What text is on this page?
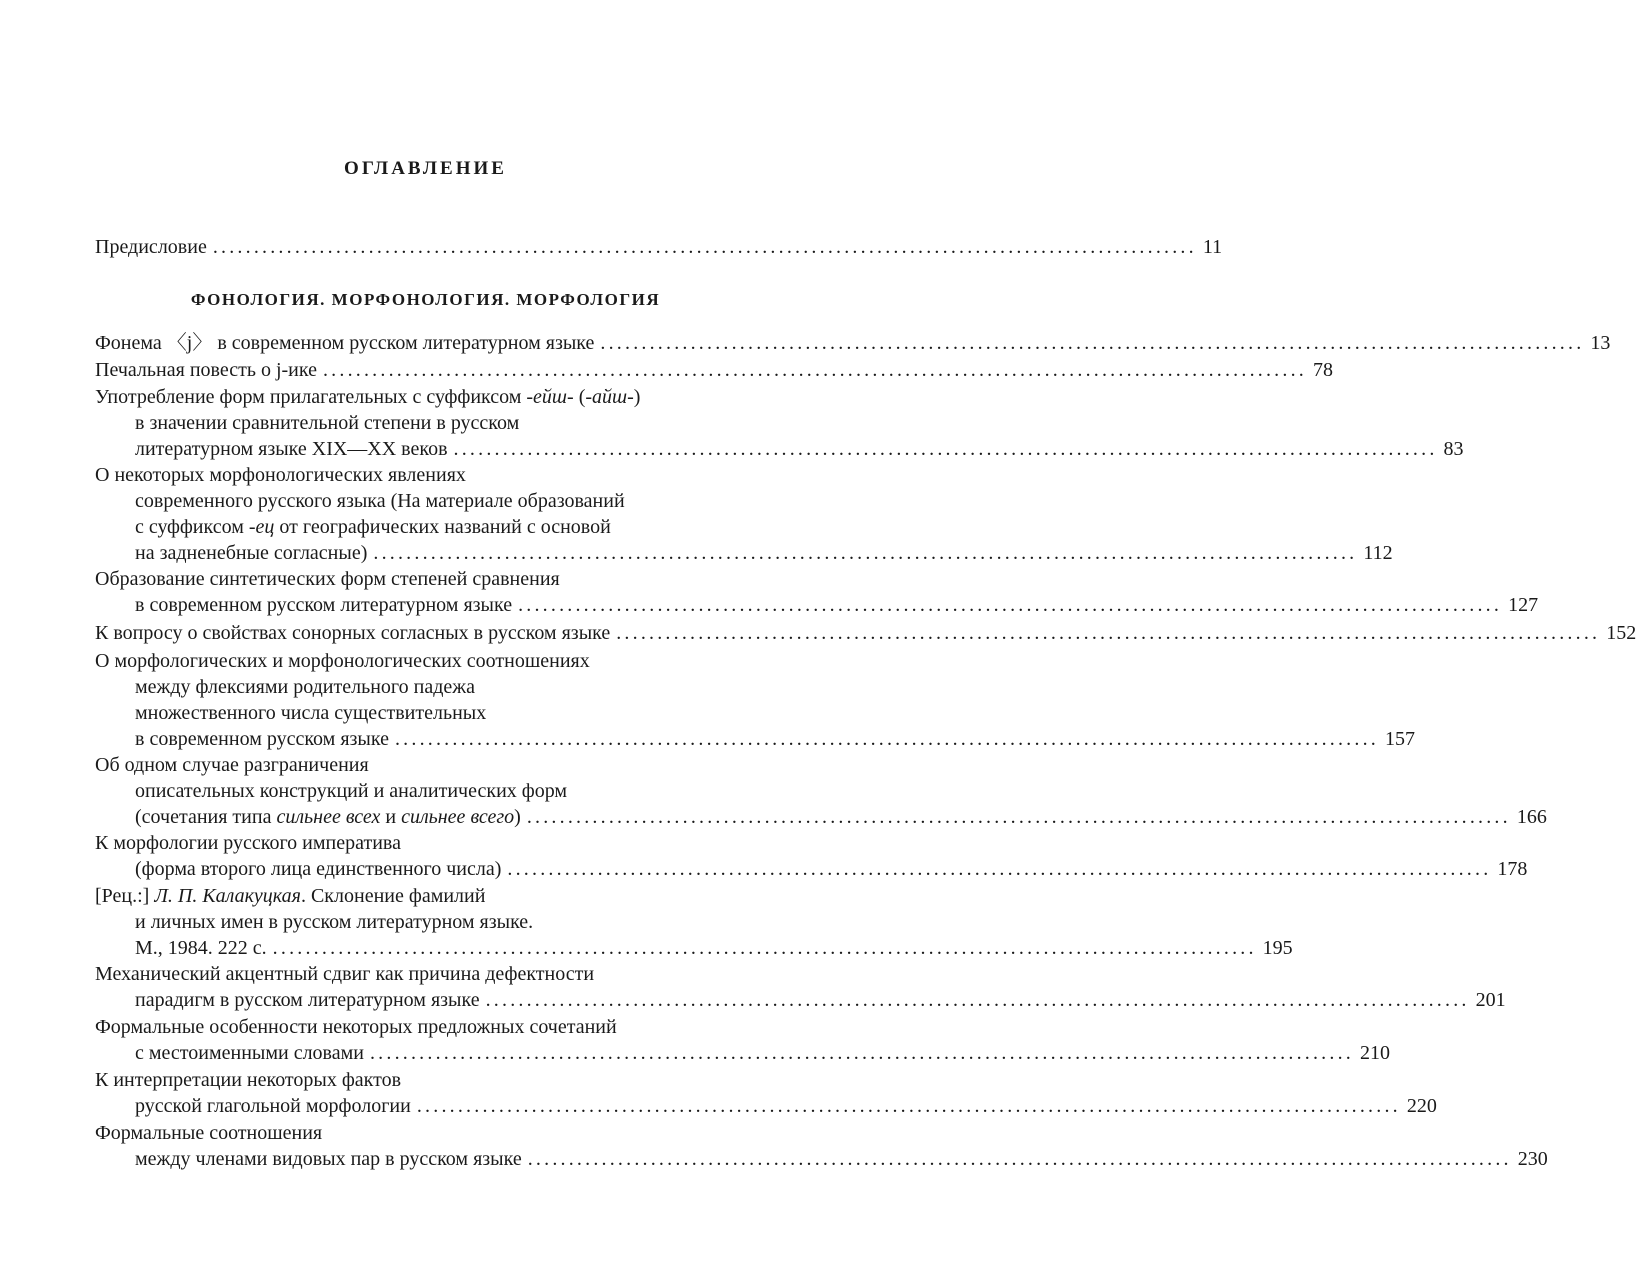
ОГЛАВЛЕНИЕ
Предисловие ........................................................................................................................ 11
ФОНОЛОГИЯ. МОРФОНОЛОГИЯ. МОРФОЛОГИЯ
Фонема 〈j〉 в современном русском литературном языке ........................................................................................................................ 13
Печальная повесть о j-ике ........................................................................................................................ 78
Употребление форм прилагательных с суффиксом -ейш- (-айш-)
в значении сравнительной степени в русском
литературном языке XIX—XX веков ........................................................................................................................ 83
О некоторых морфонологических явлениях
современного русского языка (На материале образований
с суффиксом -ец от географических названий с основой
на задненебные согласные) ........................................................................................................................ 112
Образование синтетических форм степеней сравнения
в современном русском литературном языке ........................................................................................................................ 127
К вопросу о свойствах сонорных согласных в русском языке ........................................................................................................................ 152
О морфологических и морфонологических соотношениях
между флексиями родительного падежа
множественного числа существительных
в современном русском языке ........................................................................................................................ 157
Об одном случае разграничения
описательных конструкций и аналитических форм
(сочетания типа сильнее всех и сильнее всего) ........................................................................................................................ 166
К морфологии русского императива
(форма второго лица единственного числа) ........................................................................................................................ 178
[Рец.:] Л. П. Калакуцкая. Склонение фамилий
и личных имен в русском литературном языке.
М., 1984. 222 с. ........................................................................................................................ 195
Механический акцентный сдвиг как причина дефектности
парадигм в русском литературном языке ........................................................................................................................ 201
Формальные особенности некоторых предложных сочетаний
с местоименными словами ........................................................................................................................ 210
К интерпретации некоторых фактов
русской глагольной морфологии ........................................................................................................................ 220
Формальные соотношения
между членами видовых пар в русском языке ........................................................................................................................ 230
